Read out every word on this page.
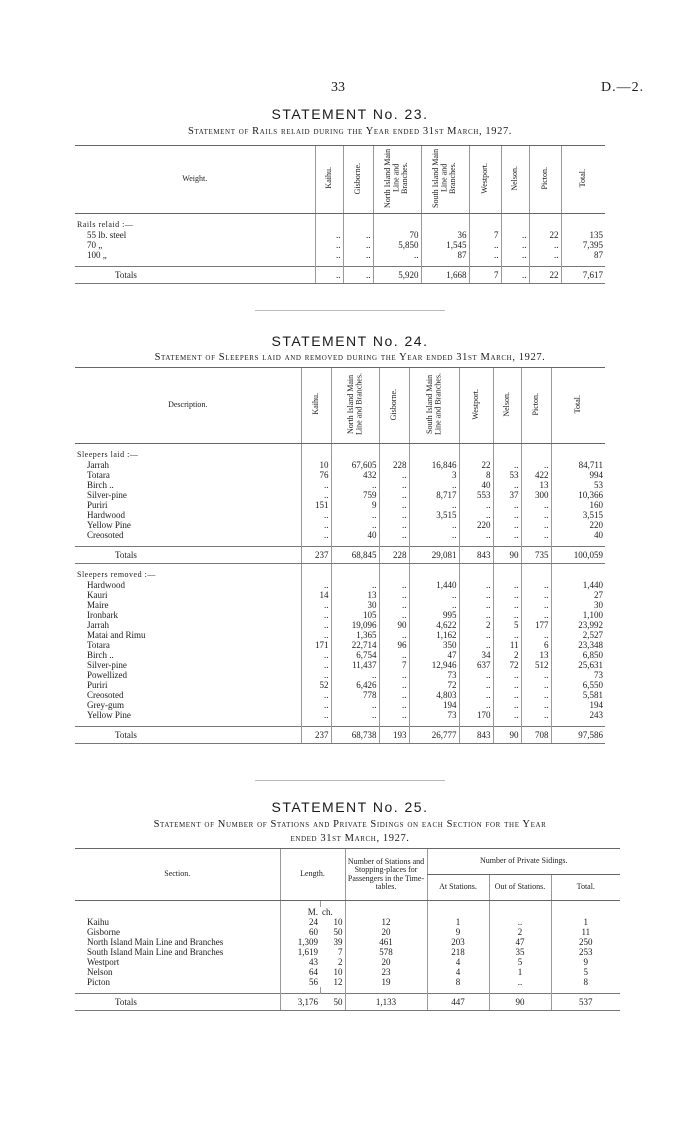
33	D.—2.
STATEMENT No. 23.
Statement of Rails relaid during the Year ended 31st March, 1927.
Weight.	Kaihu.	Gisborne.	North Island Main Line and Branches.	South Island Main Line and Branches.	Westport.	Nelson.	Picton.	Total.

Rails relaid :—								
55 lb. steel	..	..	70	36	7	..	22	135
70 „	..	..	5,850	1,545	..	..	..	7,395
100 „	..	..	..	87	..	..	..	87

Totals	..	..	5,920	1,668	7	..	22	7,617
STATEMENT No. 24.
Statement of Sleepers laid and removed during the Year ended 31st March, 1927.
Description.	Kaihu.	North Island Main Line and Branches.	Gisborne.	South Island Main Line and Branches.	Westport.	Nelson.	Picton.	Total.

Sleepers laid :—								
Jarrah	10	67,605	228	16,846	22	..	..	84,711
Totara	76	432	..	3	8	53	422	994
Birch ..	..	..	..	..	40	..	13	53
Silver-pine	..	759	..	8,717	553	37	300	10,366
Puriri	151	9	..	..	..	..	..	160
Hardwood	..	..	..	3,515	..	..	..	3,515
Yellow Pine	..	..	..	..	220	..	..	220
Creosoted	..	40	..	..	..	..	..	40

Totals	237	68,845	228	29,081	843	90	735	100,059

Sleepers removed :—								
Hardwood	..	..	..	1,440	..	..	..	1,440
Kauri	14	13	..	..	..	..	..	27
Maire	..	30	..	..	..	..	..	30
Ironbark	..	105	..	995	..	..	..	1,100
Jarrah	..	19,096	90	4,622	2	5	177	23,992
Matai and Rimu	..	1,365	..	1,162	..	..	..	2,527
Totara	171	22,714	96	350	..	11	6	23,348
Birch ..	..	6,754	..	47	34	2	13	6,850
Silver-pine	..	11,437	7	12,946	637	72	512	25,631
Powellized	..	..	..	73	..	..	..	73
Puriri	52	6,426	..	72	..	..	..	6,550
Creosoted	..	778	..	4,803	..	..	..	5,581
Grey-gum	..	..	..	194	..	..	..	194
Yellow Pine	..	..	..	73	170	..	..	243

Totals	237	68,738	193	26,777	843	90	708	97,586
STATEMENT No. 25.
Statement of Number of Stations and Private Sidings on each Section for the Year
ended 31st March, 1927.
Section.	Length.		Number of Stations and Stopping-places for Passengers in the Time-tables.	Number of Private Sidings.		
				At Stations.	Out of Stations.	Total.

	M.	ch.				
Kaihu	24	10	12	1	..	1
Gisborne	60	50	20	9	2	11
North Island Main Line and Branches	1,309	39	461	203	47	250
South Island Main Line and Branches	1,619	7	578	218	35	253
Westport	43	2	20	4	5	9
Nelson	64	10	23	4	1	5
Picton	56	12	19	8	..	8

Totals	3,176	50	1,133	447	90	537
